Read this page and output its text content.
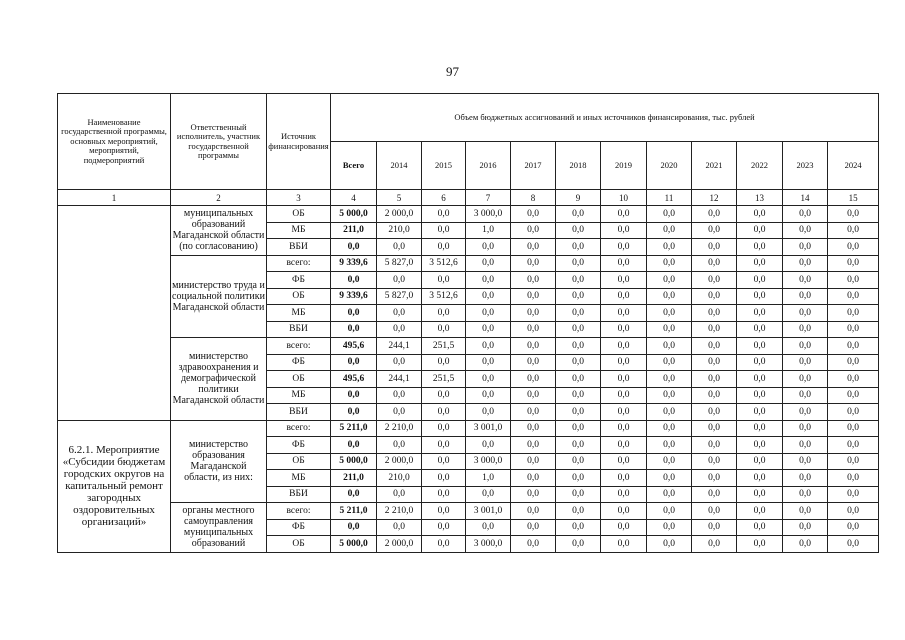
97
Наименование государственной программы, основных мероприятий, мероприятий, подмероприятий	Ответственный исполнитель, участник государственной программы	Источник финансирования	Объем бюджетных ассигнований и иных источников финансирования, тыс. рублей											
			Всего	2014	2015	2016	2017	2018	2019	2020	2021	2022	2023	2024
1	2	3	4	5	6	7	8	9	10	11	12	13	14	15
	муниципальных образований Магаданской области (по согласованию)	ОБ	5 000,0	2 000,0	0,0	3 000,0	0,0	0,0	0,0	0,0	0,0	0,0	0,0	0,0
		МБ	211,0	210,0	0,0	1,0	0,0	0,0	0,0	0,0	0,0	0,0	0,0	0,0
		ВБИ	0,0	0,0	0,0	0,0	0,0	0,0	0,0	0,0	0,0	0,0	0,0	0,0
	министерство труда и социальной политики Магаданской области	всего:	9 339,6	5 827,0	3 512,6	0,0	0,0	0,0	0,0	0,0	0,0	0,0	0,0	0,0
		ФБ	0,0	0,0	0,0	0,0	0,0	0,0	0,0	0,0	0,0	0,0	0,0	0,0
		ОБ	9 339,6	5 827,0	3 512,6	0,0	0,0	0,0	0,0	0,0	0,0	0,0	0,0	0,0
		МБ	0,0	0,0	0,0	0,0	0,0	0,0	0,0	0,0	0,0	0,0	0,0	0,0
		ВБИ	0,0	0,0	0,0	0,0	0,0	0,0	0,0	0,0	0,0	0,0	0,0	0,0
	министерство здравоохранения и демографической политики Магаданской области	всего:	495,6	244,1	251,5	0,0	0,0	0,0	0,0	0,0	0,0	0,0	0,0	0,0
		ФБ	0,0	0,0	0,0	0,0	0,0	0,0	0,0	0,0	0,0	0,0	0,0	0,0
		ОБ	495,6	244,1	251,5	0,0	0,0	0,0	0,0	0,0	0,0	0,0	0,0	0,0
		МБ	0,0	0,0	0,0	0,0	0,0	0,0	0,0	0,0	0,0	0,0	0,0	0,0
		ВБИ	0,0	0,0	0,0	0,0	0,0	0,0	0,0	0,0	0,0	0,0	0,0	0,0
6.2.1. Мероприятие «Субсидии бюджетам городских округов на капитальный ремонт загородных оздоровительных организаций»	министерство образования Магаданской области, из них:	всего:	5 211,0	2 210,0	0,0	3 001,0	0,0	0,0	0,0	0,0	0,0	0,0	0,0	0,0
		ФБ	0,0	0,0	0,0	0,0	0,0	0,0	0,0	0,0	0,0	0,0	0,0	0,0
		ОБ	5 000,0	2 000,0	0,0	3 000,0	0,0	0,0	0,0	0,0	0,0	0,0	0,0	0,0
		МБ	211,0	210,0	0,0	1,0	0,0	0,0	0,0	0,0	0,0	0,0	0,0	0,0
		ВБИ	0,0	0,0	0,0	0,0	0,0	0,0	0,0	0,0	0,0	0,0	0,0	0,0
	органы местного самоуправления муниципальных образований	всего:	5 211,0	2 210,0	0,0	3 001,0	0,0	0,0	0,0	0,0	0,0	0,0	0,0	0,0
		ФБ	0,0	0,0	0,0	0,0	0,0	0,0	0,0	0,0	0,0	0,0	0,0	0,0
		ОБ	5 000,0	2 000,0	0,0	3 000,0	0,0	0,0	0,0	0,0	0,0	0,0	0,0	0,0
